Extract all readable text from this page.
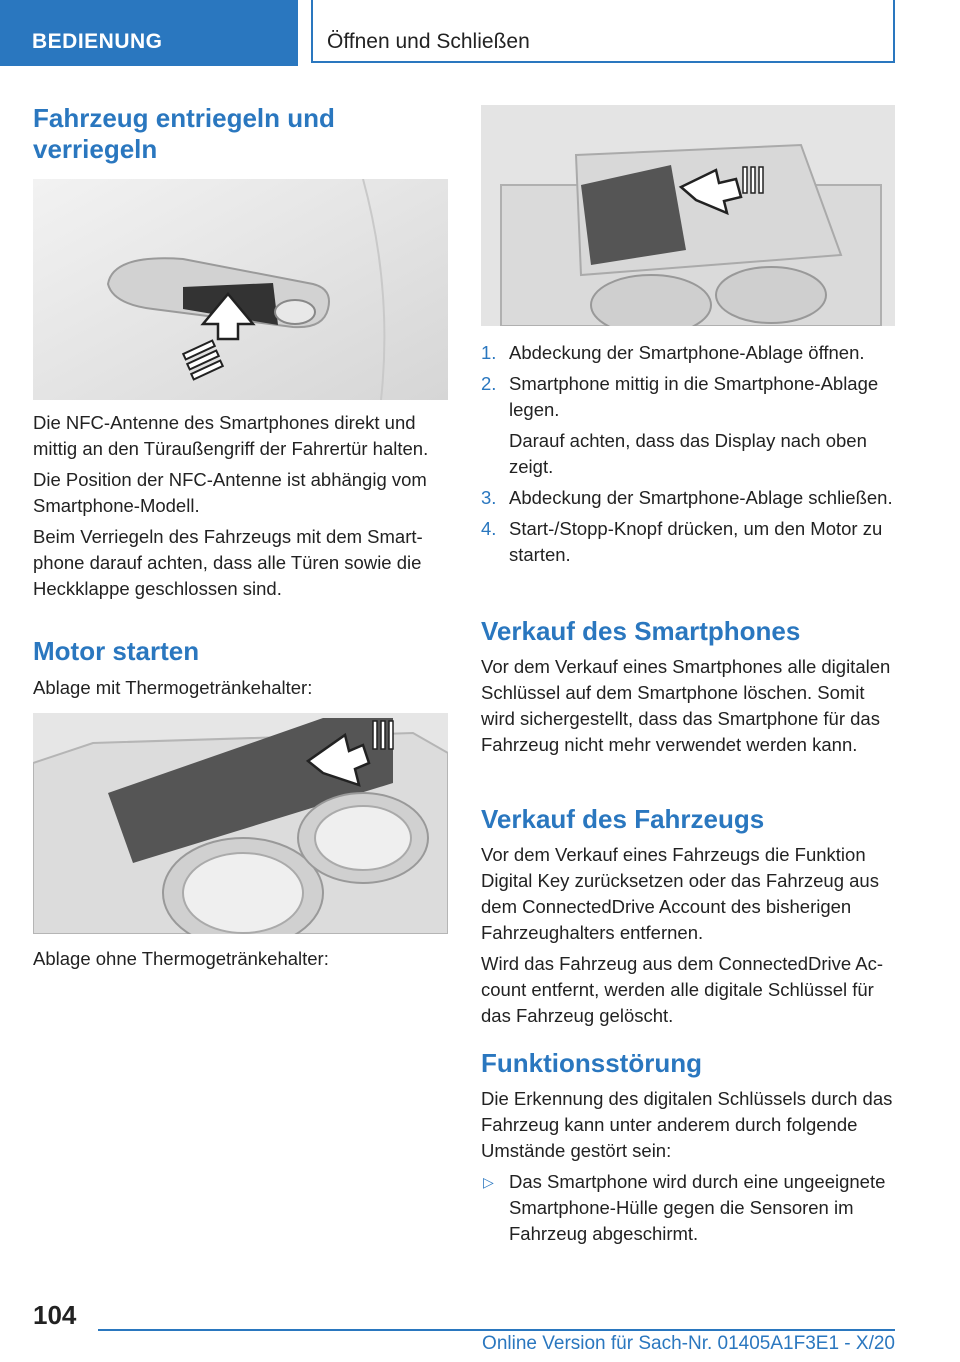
BEDIENUNG	Öffnen und Schließen
Fahrzeug entriegeln und verriegeln

Die NFC-Antenne des Smartphones direkt und mittig an den Türaußengriff der Fahrertür halten.

Die Position der NFC-Antenne ist abhängig vom Smartphone-Modell.

Beim Verriegeln des Fahrzeugs mit dem Smartphone darauf achten, dass alle Türen sowie die Heckklappe geschlossen sind.

Motor starten

Ablage mit Thermogetränkehalter:

Ablage ohne Thermogetränkehalter:

1. Abdeckung der Smartphone-Ablage öffnen.
2. Smartphone mittig in die Smartphone-Ablage legen.
Darauf achten, dass das Display nach oben zeigt.
3. Abdeckung der Smartphone-Ablage schließen.
4. Start-/Stopp-Knopf drücken, um den Motor zu starten.
Verkauf des Smartphones

Vor dem Verkauf eines Smartphones alle digitalen Schlüssel auf dem Smartphone löschen. Somit wird sichergestellt, dass das Smartphone für das Fahrzeug nicht mehr verwendet werden kann.

Verkauf des Fahrzeugs

Vor dem Verkauf eines Fahrzeugs die Funktion Digital Key zurücksetzen oder das Fahrzeug aus dem ConnectedDrive Account des bisherigen Fahrzeughalters entfernen.

Wird das Fahrzeug aus dem ConnectedDrive Account entfernt, werden alle digitale Schlüssel für das Fahrzeug gelöscht.

Funktionsstörung

Die Erkennung des digitalen Schlüssels durch das Fahrzeug kann unter anderem durch folgende Umstände gestört sein:

▷ Das Smartphone wird durch eine ungeeignete Smartphone-Hülle gegen die Sensoren im Fahrzeug abgeschirmt.
104
Online Version für Sach-Nr. 01405A1F3E1 - X/20
